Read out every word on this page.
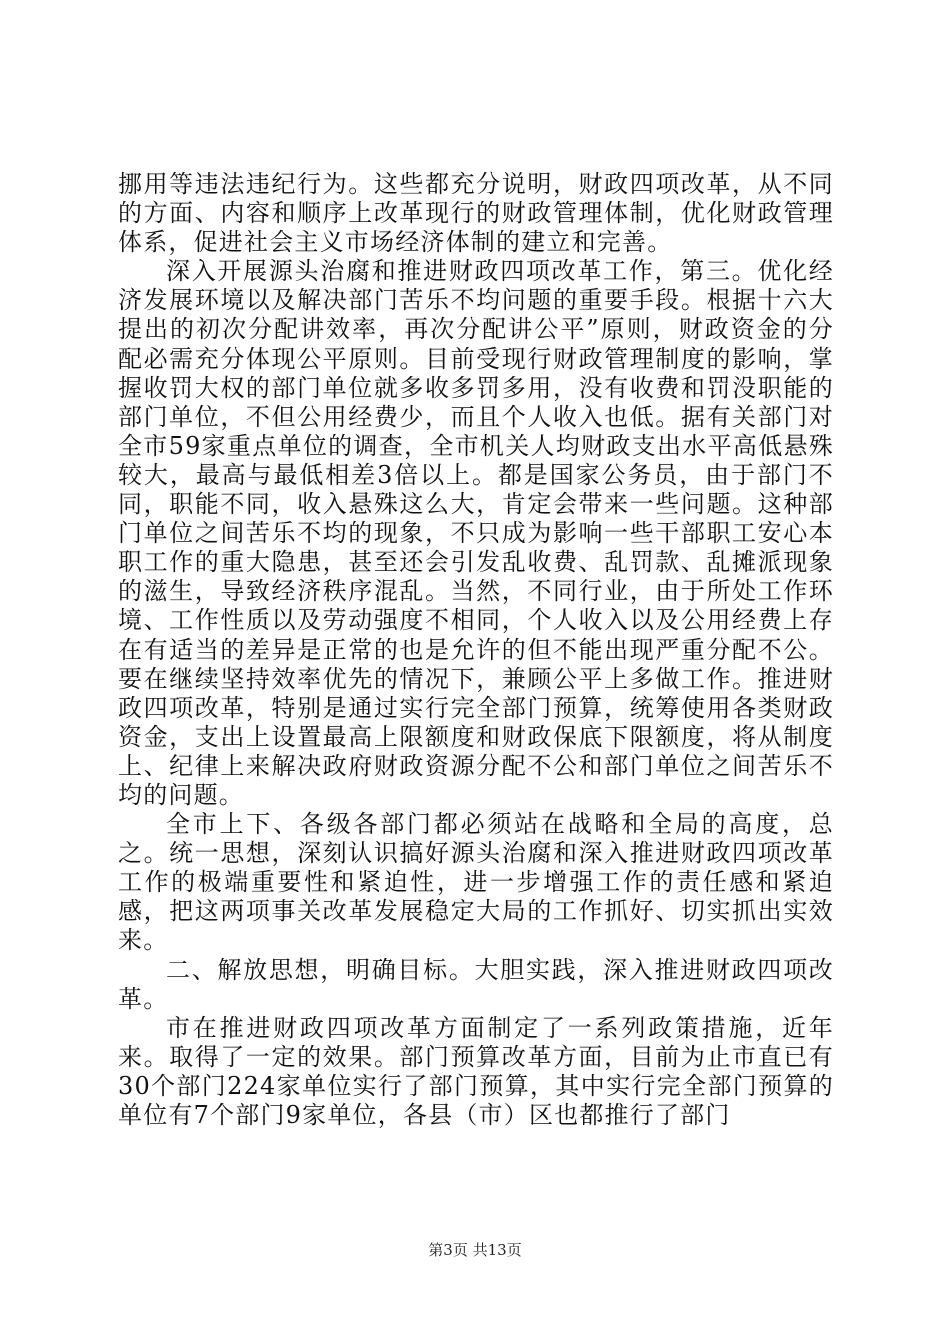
挪用等违法违纪行为。这些都充分说明，财政四项改革，从不同的方面、内容和顺序上改革现行的财政管理体制，优化财政管理体系，促进社会主义市场经济体制的建立和完善。

深入开展源头治腐和推进财政四项改革工作，第三。优化经济发展环境以及解决部门苦乐不均问题的重要手段。根据十六大提出的初次分配讲效率，再次分配讲公平”原则，财政资金的分配必需充分体现公平原则。目前受现行财政管理制度的影响，掌握收罚大权的部门单位就多收多罚多用，没有收费和罚没职能的部门单位，不但公用经费少，而且个人收入也低。据有关部门对全市59家重点单位的调查，全市机关人均财政支出水平高低悬殊较大，最高与最低相差3倍以上。都是国家公务员，由于部门不同，职能不同，收入悬殊这么大，肯定会带来一些问题。这种部门单位之间苦乐不均的现象，不只成为影响一些干部职工安心本职工作的重大隐患，甚至还会引发乱收费、乱罚款、乱摊派现象的滋生，导致经济秩序混乱。当然，不同行业，由于所处工作环境、工作性质以及劳动强度不相同，个人收入以及公用经费上存在有适当的差异是正常的也是允许的但不能出现严重分配不公。要在继续坚持效率优先的情况下，兼顾公平上多做工作。推进财政四项改革，特别是通过实行完全部门预算，统筹使用各类财政资金，支出上设置最高上限额度和财政保底下限额度，将从制度上、纪律上来解决政府财政资源分配不公和部门单位之间苦乐不均的问题。

全市上下、各级各部门都必须站在战略和全局的高度，总之。统一思想，深刻认识搞好源头治腐和深入推进财政四项改革工作的极端重要性和紧迫性，进一步增强工作的责任感和紧迫感，把这两项事关改革发展稳定大局的工作抓好、切实抓出实效来。

二、解放思想，明确目标。大胆实践，深入推进财政四项改革。

市在推进财政四项改革方面制定了一系列政策措施，近年来。取得了一定的效果。部门预算改革方面，目前为止市直已有30个部门224家单位实行了部门预算，其中实行完全部门预算的单位有7个部门9家单位，各县（市）区也都推行了部门

第3页 共13页
